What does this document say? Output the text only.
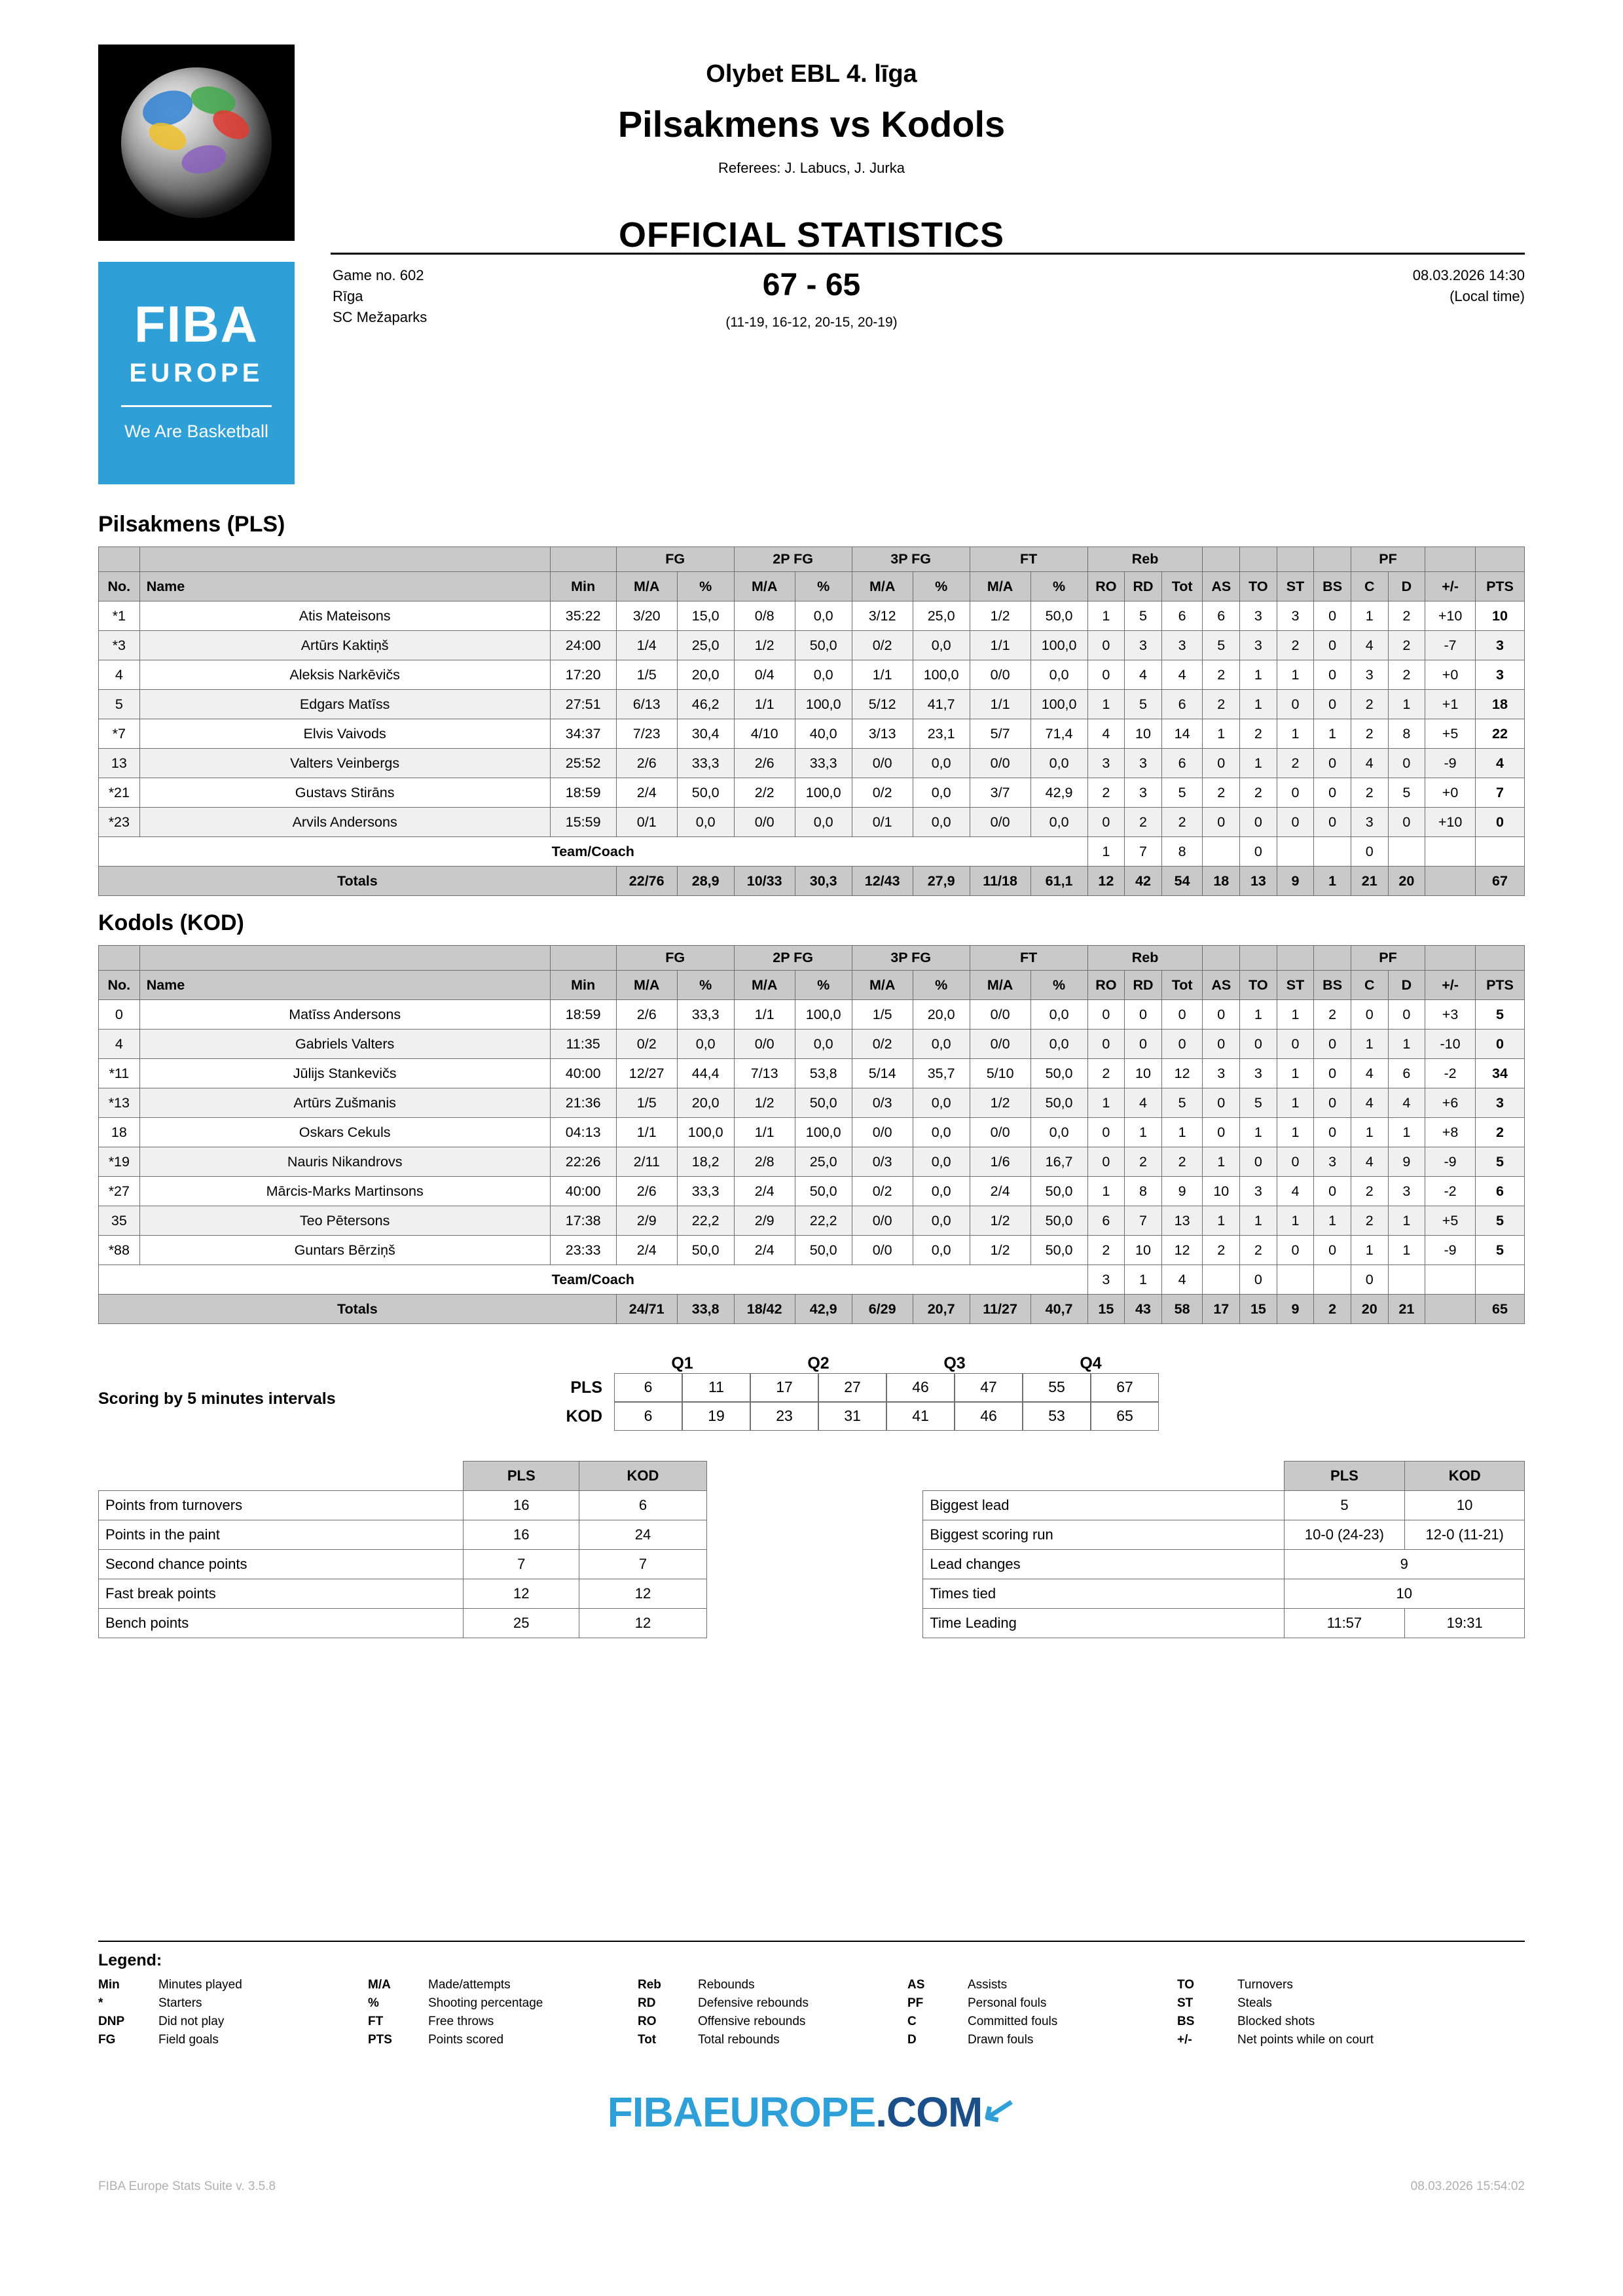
FIBA
EUROPE
We Are Basketball
Olybet EBL 4. līga
Pilsakmens vs Kodols
Referees: J. Labucs, J. Jurka
Game no. 602
Rīga
SC Mežaparks
08.03.2026 14:30
(Local time)
OFFICIAL STATISTICS
67 - 65
(11-19, 16-12, 20-15, 20-19)
Pilsakmens (PLS)
			FG		2P FG		3P FG		FT		Reb							PF			
No.	Name	Min	M/A	%	M/A	%	M/A	%	M/A	%	RO	RD	Tot	AS	TO	ST	BS	C	D	+/-	PTS
*1	Atis Mateisons	35:22	3/20	15,0	0/8	0,0	3/12	25,0	1/2	50,0	1	5	6	6	3	3	0	1	2	+10	10
*3	Artūrs Kaktiņš	24:00	1/4	25,0	1/2	50,0	0/2	0,0	1/1	100,0	0	3	3	5	3	2	0	4	2	-7	3
4	Aleksis Narkēvičs	17:20	1/5	20,0	0/4	0,0	1/1	100,0	0/0	0,0	0	4	4	2	1	1	0	3	2	+0	3
5	Edgars Matīss	27:51	6/13	46,2	1/1	100,0	5/12	41,7	1/1	100,0	1	5	6	2	1	0	0	2	1	+1	18
*7	Elvis Vaivods	34:37	7/23	30,4	4/10	40,0	3/13	23,1	5/7	71,4	4	10	14	1	2	1	1	2	8	+5	22
13	Valters Veinbergs	25:52	2/6	33,3	2/6	33,3	0/0	0,0	0/0	0,0	3	3	6	0	1	2	0	4	0	-9	4
*21	Gustavs Stirāns	18:59	2/4	50,0	2/2	100,0	0/2	0,0	3/7	42,9	2	3	5	2	2	0	0	2	5	+0	7
*23	Arvils Andersons	15:59	0/1	0,0	0/0	0,0	0/1	0,0	0/0	0,0	0	2	2	0	0	0	0	3	0	+10	0
Team/Coach											1	7	8		0			0			
Totals			22/76	28,9	10/33	30,3	12/43	27,9	11/18	61,1	12	42	54	18	13	9	1	21	20		67
Kodols (KOD)
			FG		2P FG		3P FG		FT		Reb							PF			
No.	Name	Min	M/A	%	M/A	%	M/A	%	M/A	%	RO	RD	Tot	AS	TO	ST	BS	C	D	+/-	PTS
0	Matīss Andersons	18:59	2/6	33,3	1/1	100,0	1/5	20,0	0/0	0,0	0	0	0	0	1	1	2	0	0	+3	5
4	Gabriels Valters	11:35	0/2	0,0	0/0	0,0	0/2	0,0	0/0	0,0	0	0	0	0	0	0	0	1	1	-10	0
*11	Jūlijs Stankevičs	40:00	12/27	44,4	7/13	53,8	5/14	35,7	5/10	50,0	2	10	12	3	3	1	0	4	6	-2	34
*13	Artūrs Zušmanis	21:36	1/5	20,0	1/2	50,0	0/3	0,0	1/2	50,0	1	4	5	0	5	1	0	4	4	+6	3
18	Oskars Cekuls	04:13	1/1	100,0	1/1	100,0	0/0	0,0	0/0	0,0	0	1	1	0	1	1	0	1	1	+8	2
*19	Nauris Nikandrovs	22:26	2/11	18,2	2/8	25,0	0/3	0,0	1/6	16,7	0	2	2	1	0	0	3	4	9	-9	5
*27	Mārcis-Marks Martinsons	40:00	2/6	33,3	2/4	50,0	0/2	0,0	2/4	50,0	1	8	9	10	3	4	0	2	3	-2	6
35	Teo Pētersons	17:38	2/9	22,2	2/9	22,2	0/0	0,0	1/2	50,0	6	7	13	1	1	1	1	2	1	+5	5
*88	Guntars Bērziņš	23:33	2/4	50,0	2/4	50,0	0/0	0,0	1/2	50,0	2	10	12	2	2	0	0	1	1	-9	5
Team/Coach											3	1	4		0			0			
Totals			24/71	33,8	18/42	42,9	6/29	20,7	11/27	40,7	15	43	58	17	15	9	2	20	21		65
Scoring by 5 minutes intervals
Q1	Q2	Q3	Q4
PLS	6	11	17	27	46	47	55	67
KOD	6	19	23	31	41	46	53	65
	PLS	KOD
Points from turnovers	16	6
Points in the paint	16	24
Second chance points	7	7
Fast break points	12	12
Bench points	25	12
	PLS	KOD
Biggest lead	5	10
Biggest scoring run	10-0 (24-23)	12-0 (11-21)
Lead changes	9	
Times tied	10	
Time Leading	11:57	19:31
Legend:
Min	Minutes played
*	Starters
DNP	Did not play
FG	Field goals
M/A	Made/attempts
%	Shooting percentage
FT	Free throws
PTS	Points scored
Reb	Rebounds
RD	Defensive rebounds
RO	Offensive rebounds
Tot	Total rebounds
AS	Assists
PF	Personal fouls
C	Committed fouls
D	Drawn fouls
TO	Turnovers
ST	Steals
BS	Blocked shots
+/-	Net points while on court
FIBAEUROPE.COM↙
FIBA Europe Stats Suite v. 3.5.8	08.03.2026 15:54:02
